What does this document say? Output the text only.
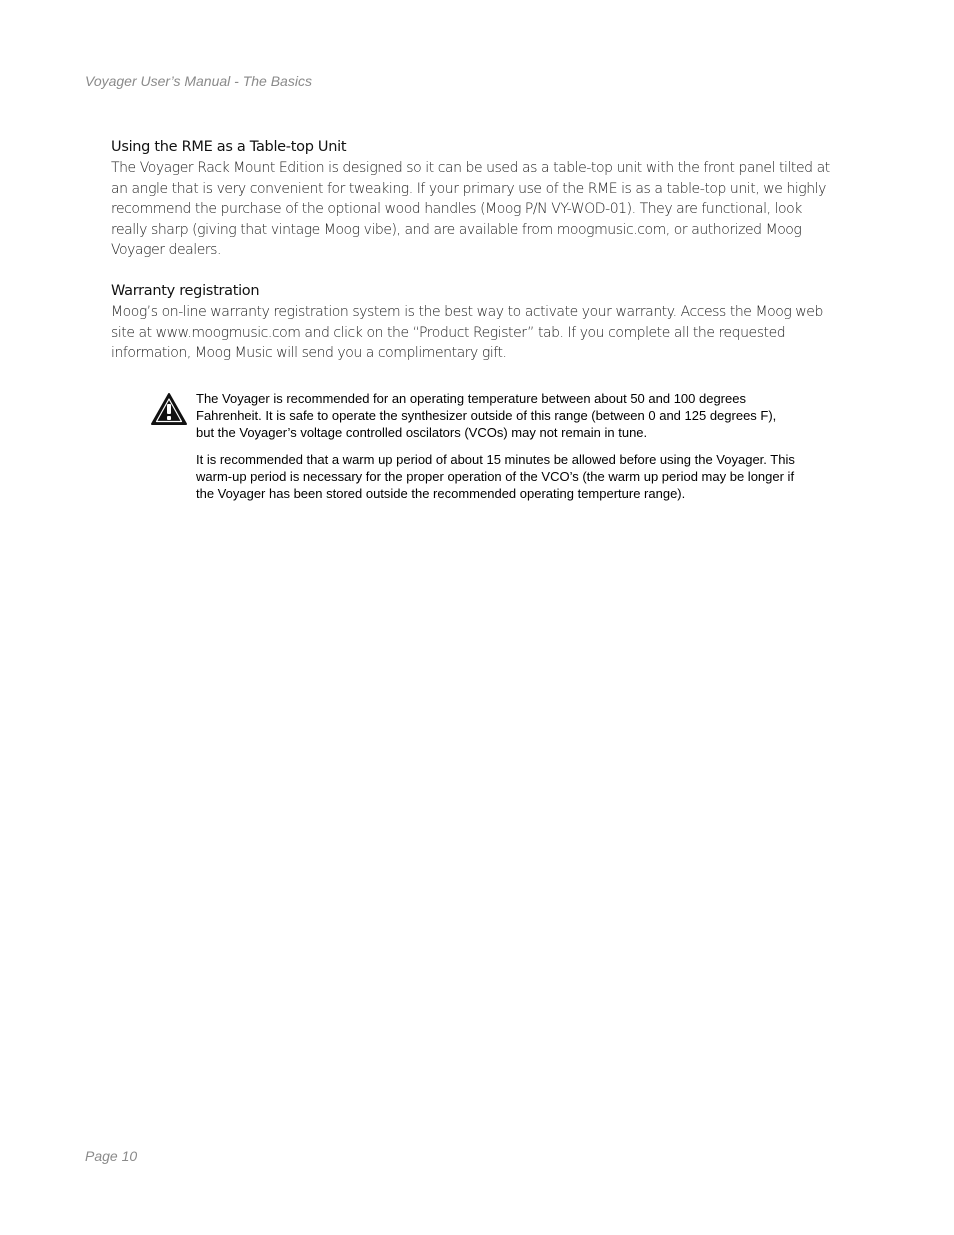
Voyager User’s Manual - The Basics
Using the RME as a Table-top Unit

The Voyager Rack Mount Edition is designed so it can be used as a table-top unit with the front panel tilted at an angle that is very convenient for tweaking. If your primary use of the RME is as a table-top unit, we highly recommend the purchase of the optional wood handles (Moog P/N VY-WOD-01). They are functional, look really sharp (giving that vintage Moog vibe), and are available from moogmusic.com, or authorized Moog Voyager dealers.

Warranty registration

Moog’s on-line warranty registration system is the best way to activate your warranty. Access the Moog web site at www.moogmusic.com and click on the “Product Register” tab. If you complete all the requested information, Moog Music will send you a complimentary gift.

The Voyager is recommended for an operating temperature between about 50 and 100 degrees Fahrenheit. It is safe to operate the synthesizer outside of this range (between 0 and 125 degrees F), but the Voyager’s voltage controlled oscilators (VCOs) may not remain in tune.

It is recommended that a warm up period of about 15 minutes be allowed before using the Voyager. This warm-up period is necessary for the proper operation of the VCO’s (the warm up period may be longer if the Voyager has been stored outside the recommended operating temperture range).

Page 10
